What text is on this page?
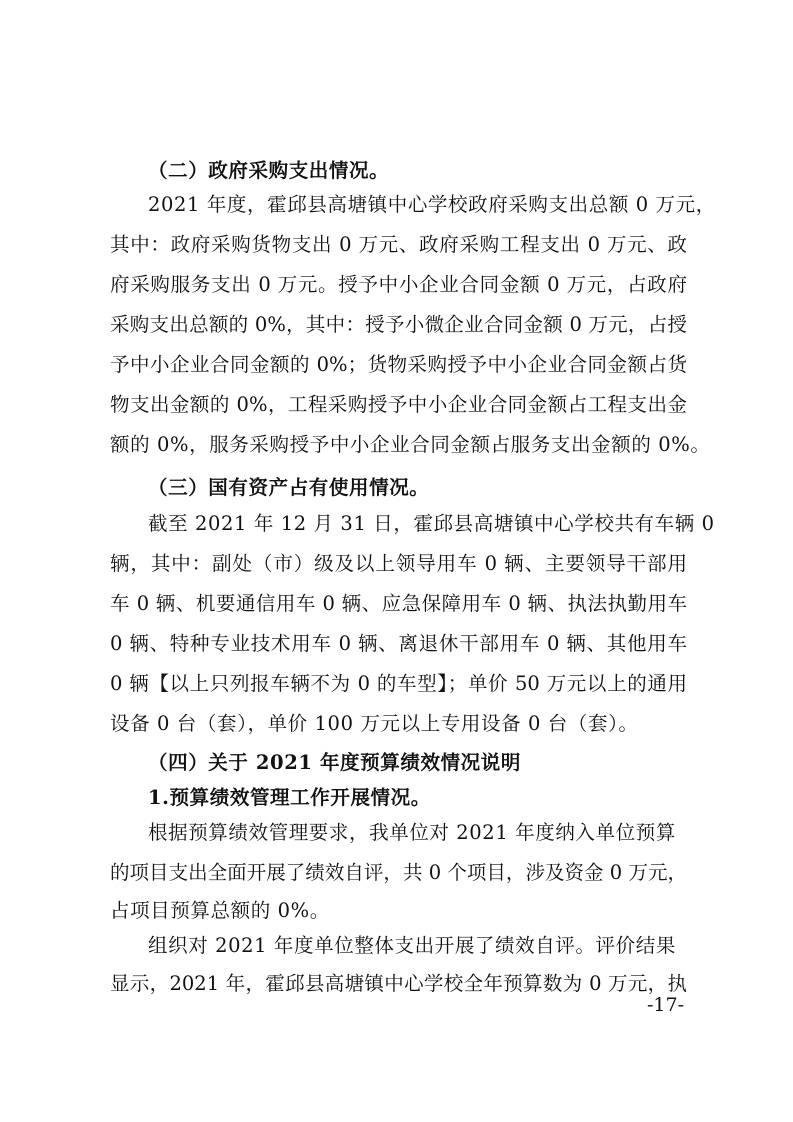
（二）政府采购支出情况。
2021 年度，霍邱县高塘镇中心学校政府采购支出总额 0 万元，
其中：政府采购货物支出 0 万元、政府采购工程支出 0 万元、政
府采购服务支出 0 万元。授予中小企业合同金额 0 万元，占政府
采购支出总额的 0%，其中：授予小微企业合同金额 0 万元，占授
予中小企业合同金额的 0%；货物采购授予中小企业合同金额占货
物支出金额的 0%，工程采购授予中小企业合同金额占工程支出金
额的 0%，服务采购授予中小企业合同金额占服务支出金额的 0%。
（三）国有资产占有使用情况。
截至 2021 年 12 月 31 日，霍邱县高塘镇中心学校共有车辆 0
辆，其中：副处（市）级及以上领导用车 0 辆、主要领导干部用
车 0 辆、机要通信用车 0 辆、应急保障用车 0 辆、执法执勤用车
0 辆、特种专业技术用车 0 辆、离退休干部用车 0 辆、其他用车
0 辆【以上只列报车辆不为 0 的车型】；单价 50 万元以上的通用
设备 0 台（套），单价 100 万元以上专用设备 0 台（套）。
（四）关于 2021 年度预算绩效情况说明
1.预算绩效管理工作开展情况。
根据预算绩效管理要求，我单位对 2021 年度纳入单位预算
的项目支出全面开展了绩效自评，共 0 个项目，涉及资金 0 万元，
占项目预算总额的 0%。
组织对 2021 年度单位整体支出开展了绩效自评。评价结果
显示，2021 年，霍邱县高塘镇中心学校全年预算数为 0 万元，执
-17-
